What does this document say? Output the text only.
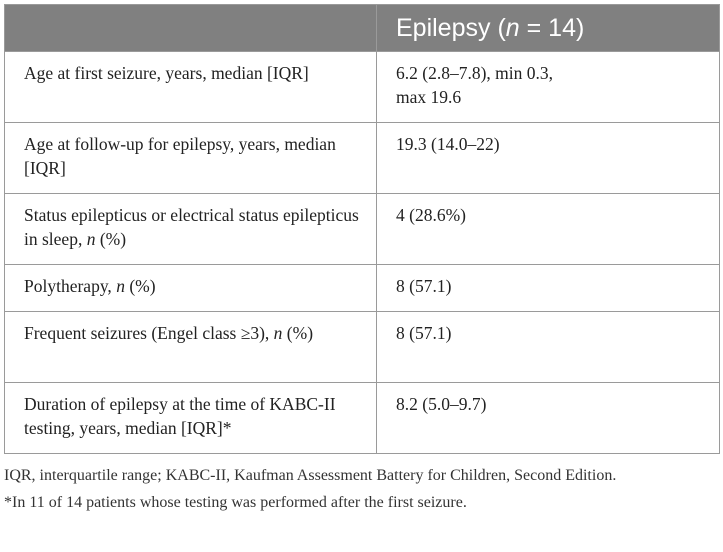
	Epilepsy (n = 14)
Age at first seizure, years, median [IQR]	6.2 (2.8–7.8), min 0.3,
max 19.6
Age at follow-up for epilepsy, years, median [IQR]	19.3 (14.0–22)
Status epilepticus or electrical status epilepticus in sleep, n (%)	4 (28.6%)
Polytherapy, n (%)	8 (57.1)
Frequent seizures (Engel class ≥3), n (%)	8 (57.1)
Duration of epilepsy at the time of KABC-II testing, years, median [IQR]*	8.2 (5.0–9.7)

IQR, interquartile range; KABC-II, Kaufman Assessment Battery for Children, Second Edition.

*In 11 of 14 patients whose testing was performed after the first seizure.
